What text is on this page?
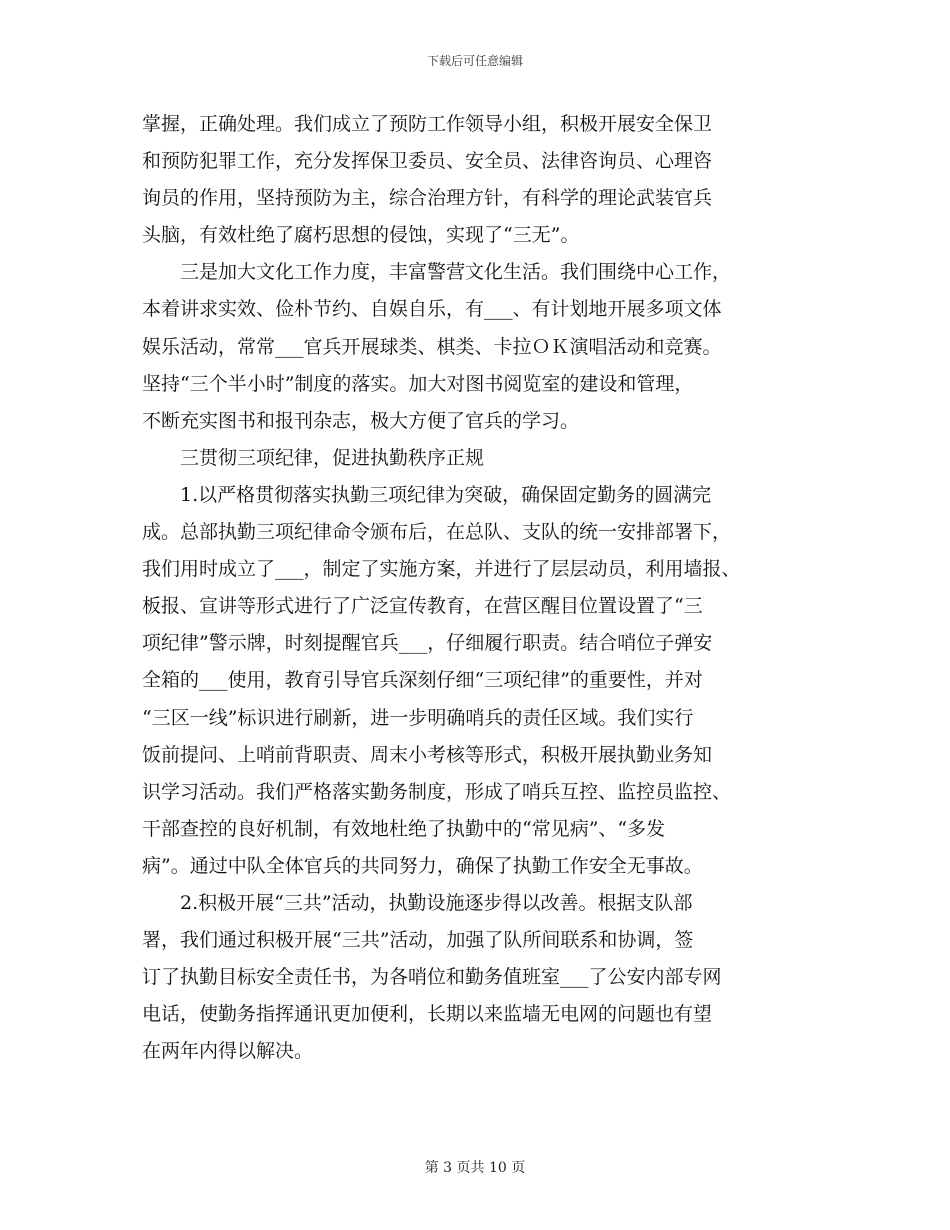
下载后可任意编辑
掌握，正确处理。我们成立了预防工作领导小组，积极开展安全保卫
和预防犯罪工作，充分发挥保卫委员、安全员、法律咨询员、心理咨
询员的作用，坚持预防为主，综合治理方针，有科学的理论武装官兵
头脑，有效杜绝了腐朽思想的侵蚀，实现了“三无”。
三是加大文化工作力度，丰富警营文化生活。我们围绕中心工作，
本着讲求实效、俭朴节约、自娱自乐，有___、有计划地开展多项文体
娱乐活动，常常___官兵开展球类、棋类、卡拉ＯＫ演唱活动和竞赛。
坚持“三个半小时”制度的落实。加大对图书阅览室的建设和管理，
不断充实图书和报刊杂志，极大方便了官兵的学习。
三贯彻三项纪律，促进执勤秩序正规
1.以严格贯彻落实执勤三项纪律为突破，确保固定勤务的圆满完
成。总部执勤三项纪律命令颁布后，在总队、支队的统一安排部署下，
我们用时成立了___，制定了实施方案，并进行了层层动员，利用墙报、
板报、宣讲等形式进行了广泛宣传教育，在营区醒目位置设置了“三
项纪律”警示牌，时刻提醒官兵___，仔细履行职责。结合哨位子弹安
全箱的___使用，教育引导官兵深刻仔细“三项纪律”的重要性，并对
“三区一线”标识进行刷新，进一步明确哨兵的责任区域。我们实行
饭前提问、上哨前背职责、周末小考核等形式，积极开展执勤业务知
识学习活动。我们严格落实勤务制度，形成了哨兵互控、监控员监控、
干部查控的良好机制，有效地杜绝了执勤中的“常见病”、“多发
病”。通过中队全体官兵的共同努力，确保了执勤工作安全无事故。
2.积极开展“三共”活动，执勤设施逐步得以改善。根据支队部
署，我们通过积极开展“三共”活动，加强了队所间联系和协调，签
订了执勤目标安全责任书，为各哨位和勤务值班室___了公安内部专网
电话，使勤务指挥通讯更加便利，长期以来监墙无电网的问题也有望
在两年内得以解决。
第 3 页共 10 页
